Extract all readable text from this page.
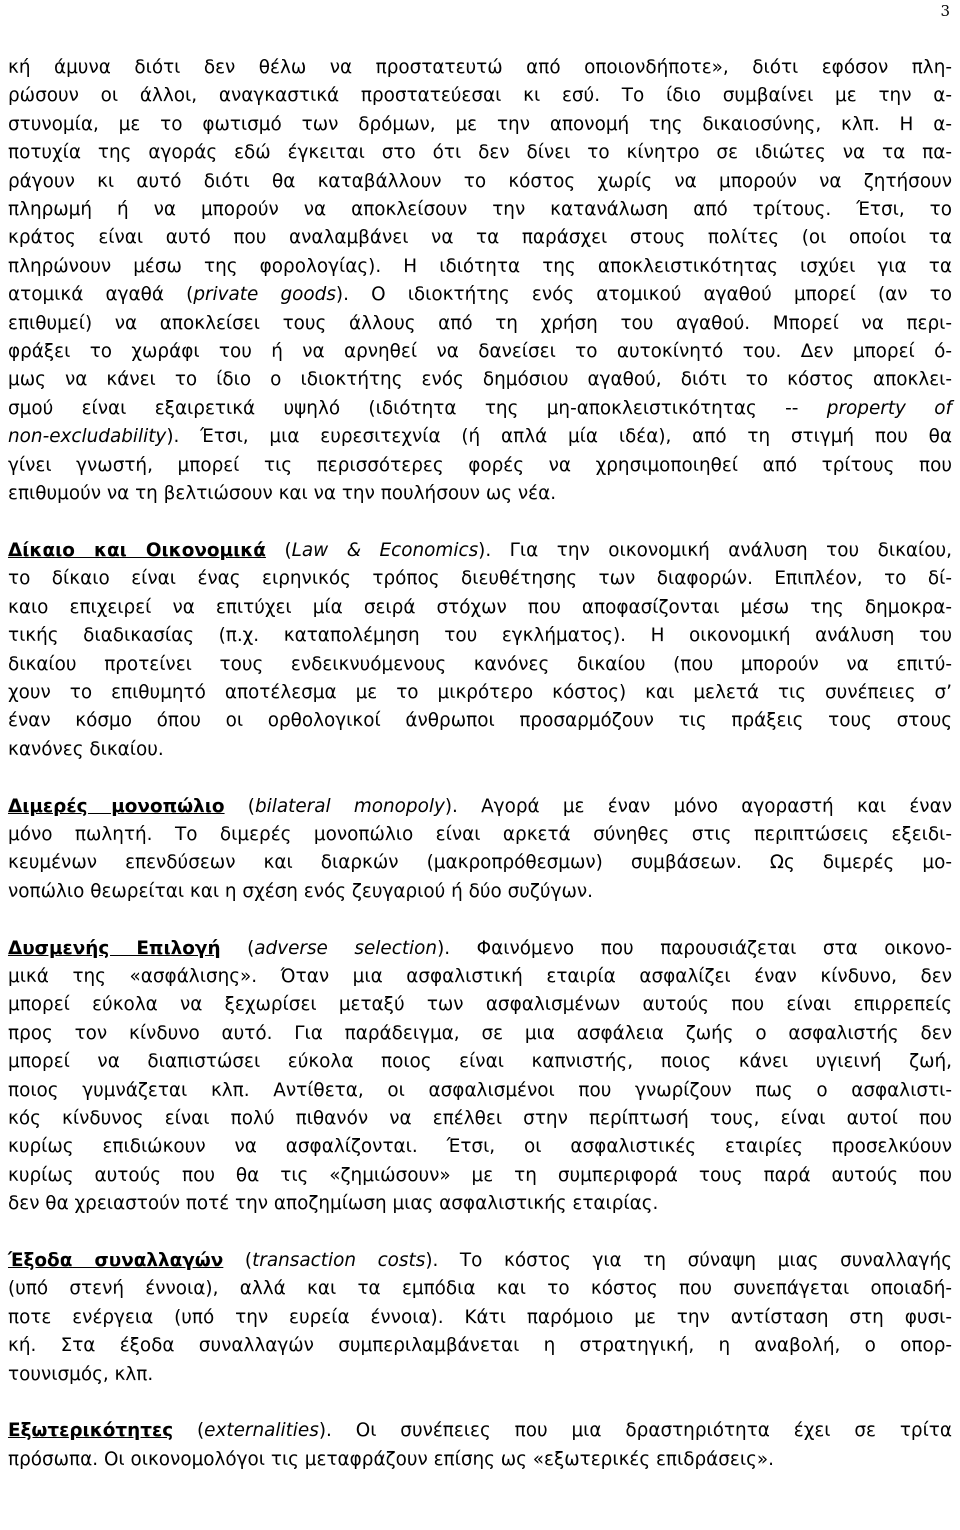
3
κή άμυνα διότι δεν θέλω να προστατευτώ από οποιονδήποτε», διότι εφόσον πλη-
ρώσουν οι άλλοι, αναγκαστικά προστατεύεσαι κι εσύ. Το ίδιο συμβαίνει με την α-
στυνομία, με το φωτισμό των δρόμων, με την απονομή της δικαιοσύνης, κλπ. Η α-
ποτυχία της αγοράς εδώ έγκειται στο ότι δεν δίνει το κίνητρο σε ιδιώτες να τα πα-
ράγουν κι αυτό διότι θα καταβάλλουν το κόστος χωρίς να μπορούν να ζητήσουν
πληρωμή ή να μπορούν να αποκλείσουν την κατανάλωση από τρίτους. Έτσι, το
κράτος είναι αυτό που αναλαμβάνει να τα παράσχει στους πολίτες (οι οποίοι τα
πληρώνουν μέσω της φορολογίας). Η ιδιότητα της αποκλειστικότητας ισχύει για τα
ατομικά αγαθά (private goods). Ο ιδιοκτήτης ενός ατομικού αγαθού μπορεί (αν το
επιθυμεί) να αποκλείσει τους άλλους από τη χρήση του αγαθού. Μπορεί να περι-
φράξει το χωράφι του ή να αρνηθεί να δανείσει το αυτοκίνητό του. Δεν μπορεί ό-
μως να κάνει το ίδιο ο ιδιοκτήτης ενός δημόσιου αγαθού, διότι το κόστος αποκλει-
σμού είναι εξαιρετικά υψηλό (ιδιότητα της μη-αποκλειστικότητας -- property of
non-excludability). Έτσι, μια ευρεσιτεχνία (ή απλά μία ιδέα), από τη στιγμή που θα
γίνει γνωστή, μπορεί τις περισσότερες φορές να χρησιμοποιηθεί από τρίτους που
επιθυμούν να τη βελτιώσουν και να την πουλήσουν ως νέα.
Δίκαιο και Οικονομικά (Law & Economics). Για την οικονομική ανάλυση του δικαίου,
το δίκαιο είναι ένας ειρηνικός τρόπος διευθέτησης των διαφορών. Επιπλέον, το δί-
καιο επιχειρεί να επιτύχει μία σειρά στόχων που αποφασίζονται μέσω της δημοκρα-
τικής διαδικασίας (π.χ. καταπολέμηση του εγκλήματος). Η οικονομική ανάλυση του
δικαίου προτείνει τους ενδεικνυόμενους κανόνες δικαίου (που μπορούν να επιτύ-
χουν το επιθυμητό αποτέλεσμα με το μικρότερο κόστος) και μελετά τις συνέπειες σ’
έναν κόσμο όπου οι ορθολογικοί άνθρωποι προσαρμόζουν τις πράξεις τους στους
κανόνες δικαίου.
Διμερές μονοπώλιο (bilateral monopoly). Αγορά με έναν μόνο αγοραστή και έναν
μόνο πωλητή. Το διμερές μονοπώλιο είναι αρκετά σύνηθες στις περιπτώσεις εξειδι-
κευμένων επενδύσεων και διαρκών (μακροπρόθεσμων) συμβάσεων. Ως διμερές μο-
νοπώλιο θεωρείται και η σχέση ενός ζευγαριού ή δύο συζύγων.
Δυσμενής Επιλογή (adverse selection). Φαινόμενο που παρουσιάζεται στα οικονο-
μικά της «ασφάλισης». Όταν μια ασφαλιστική εταιρία ασφαλίζει έναν κίνδυνο, δεν
μπορεί εύκολα να ξεχωρίσει μεταξύ των ασφαλισμένων αυτούς που είναι επιρρεπείς
προς τον κίνδυνο αυτό. Για παράδειγμα, σε μια ασφάλεια ζωής ο ασφαλιστής δεν
μπορεί να διαπιστώσει εύκολα ποιος είναι καπνιστής, ποιος κάνει υγιεινή ζωή,
ποιος γυμνάζεται κλπ. Αντίθετα, οι ασφαλισμένοι που γνωρίζουν πως ο ασφαλιστι-
κός κίνδυνος είναι πολύ πιθανόν να επέλθει στην περίπτωσή τους, είναι αυτοί που
κυρίως επιδιώκουν να ασφαλίζονται. Έτσι, οι ασφαλιστικές εταιρίες προσελκύουν
κυρίως αυτούς που θα τις «ζημιώσουν» με τη συμπεριφορά τους παρά αυτούς που
δεν θα χρειαστούν ποτέ την αποζημίωση μιας ασφαλιστικής εταιρίας.
Έξοδα συναλλαγών (transaction costs). Το κόστος για τη σύναψη μιας συναλλαγής
(υπό στενή έννοια), αλλά και τα εμπόδια και το κόστος που συνεπάγεται οποιαδή-
ποτε ενέργεια (υπό την ευρεία έννοια). Κάτι παρόμοιο με την αντίσταση στη φυσι-
κή. Στα έξοδα συναλλαγών συμπεριλαμβάνεται η στρατηγική, η αναβολή, ο οπορ-
τουνισμός, κλπ.
Εξωτερικότητες (externalities). Οι συνέπειες που μια δραστηριότητα έχει σε τρίτα
πρόσωπα. Οι οικονομολόγοι τις μεταφράζουν επίσης ως «εξωτερικές επιδράσεις».
